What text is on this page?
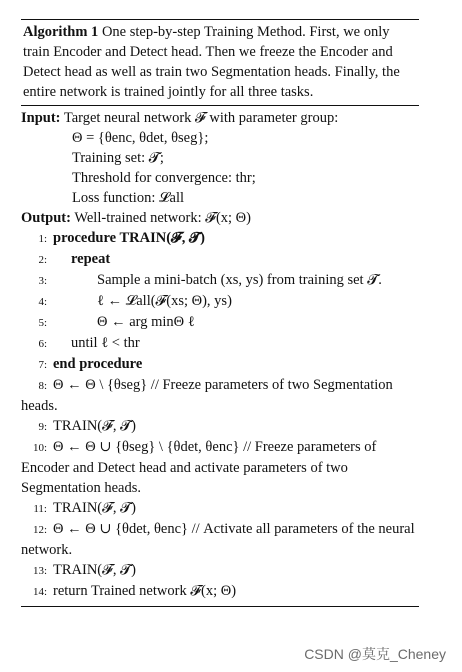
Algorithm 1 One step-by-step Training Method. First, we only train Encoder and Detect head. Then we freeze the Encoder and Detect head as well as train two Segmentation heads. Finally, the entire network is trained jointly for all three tasks.
Input: Target neural network 𝓕 with parameter group:
Θ = {θenc, θdet, θseg};
Training set: 𝓣;
Threshold for convergence: thr;
Loss function: 𝓛all
Output: Well-trained network: 𝓕(x; Θ)
1: procedure TRAIN(𝓕, 𝓣)
2: repeat
3:	Sample a mini-batch (xs, ys) from training set 𝓣.
4:	ℓ ← 𝓛all(𝓕(xs; Θ), ys)
5:	Θ ← arg minΘ ℓ
6: until ℓ < thr
7: end procedure
8: Θ ← Θ \ {θseg} // Freeze parameters of two Segmentation heads.
9: TRAIN(𝓕, 𝓣)
10: Θ ← Θ ∪ {θseg} \ {θdet, θenc} // Freeze parameters of Encoder and Detect head and activate parameters of two Segmentation heads.
11: TRAIN(𝓕, 𝓣)
12: Θ ← Θ ∪ {θdet, θenc} // Activate all parameters of the neural network.
13: TRAIN(𝓕, 𝓣)
14: return Trained network 𝓕(x; Θ)
CSDN @莫克_Cheney
